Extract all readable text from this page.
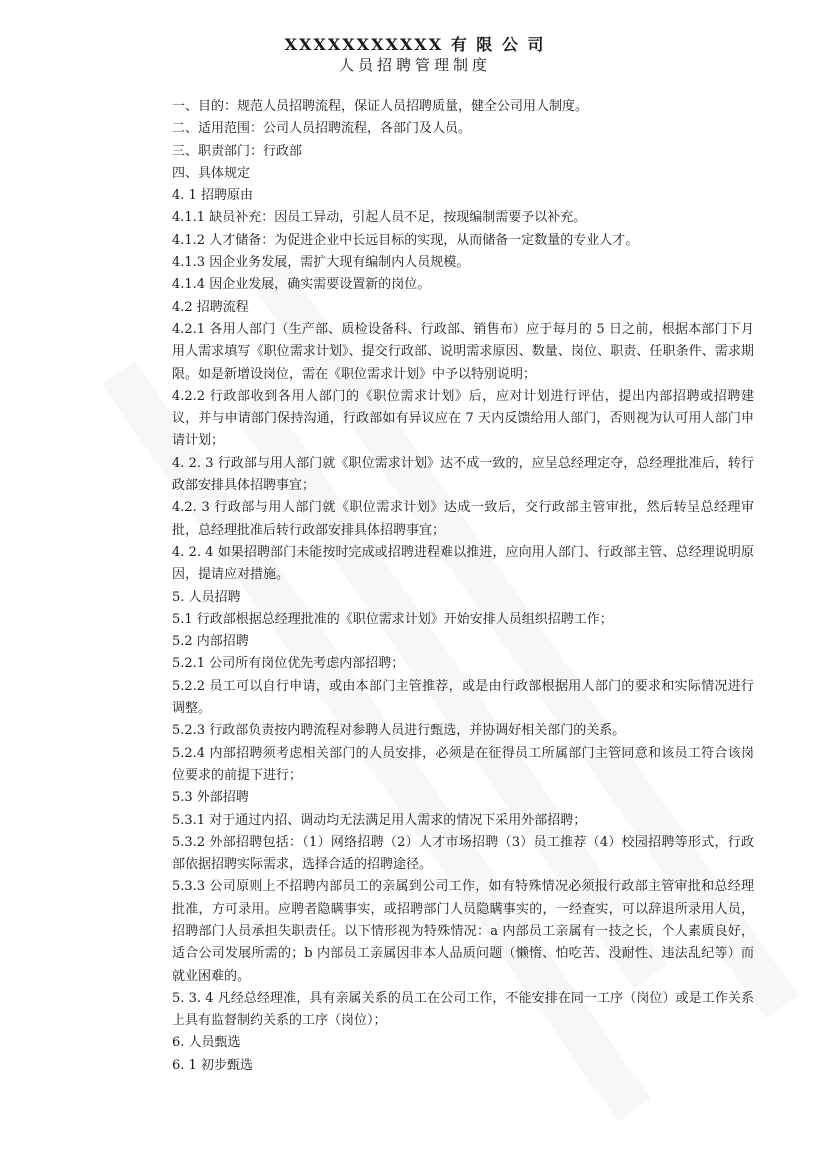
XXXXXXXXXXX 有 限 公 司
人员招聘管理制度

一、目的：规范人员招聘流程，保证人员招聘质量，健全公司用人制度。

二、适用范围：公司人员招聘流程，各部门及人员。

三、职责部门：行政部

四、具体规定

4. 1 招聘原由

4.1.1 缺员补充：因员工异动，引起人员不足，按现编制需要予以补充。

4.1.2 人才储备：为促进企业中长远目标的实现，从而储备一定数量的专业人才。

4.1.3 因企业务发展，需扩大现有编制内人员规模。

4.1.4 因企业发展，确实需要设置新的岗位。

4.2 招聘流程

4.2.1 各用人部门（生产部、质检设备科、行政部、销售布）应于每月的 5 日之前，根据本部门下月用人需求填写《职位需求计划》、提交行政部、说明需求原因、数量、岗位、职责、任职条件、需求期限。如是新增设岗位，需在《职位需求计划》中予以特别说明；

4.2.2 行政部收到各用人部门的《职位需求计划》后，应对计划进行评估，提出内部招聘或招聘建议，并与申请部门保持沟通，行政部如有异议应在 7 天内反馈给用人部门，否则视为认可用人部门申请计划；

4. 2. 3 行政部与用人部门就《职位需求计划》达不成一致的，应呈总经理定夺，总经理批准后，转行政部安排具体招聘事宜；

4.2. 3 行政部与用人部门就《职位需求计划》达成一致后，交行政部主管审批，然后转呈总经理审批，总经理批准后转行政部安排具体招聘事宜；

4. 2. 4 如果招聘部门未能按时完成或招聘进程难以推进，应向用人部门、行政部主管、总经理说明原因，提请应对措施。

5. 人员招聘

5.1 行政部根据总经理批准的《职位需求计划》开始安排人员组织招聘工作；

5.2 内部招聘

5.2.1 公司所有岗位优先考虑内部招聘；

5.2.2 员工可以自行申请，或由本部门主管推荐，或是由行政部根据用人部门的要求和实际情况进行调整。

5.2.3 行政部负责按内聘流程对参聘人员进行甄选，并协调好相关部门的关系。

5.2.4 内部招聘须考虑相关部门的人员安排，必须是在征得员工所属部门主管同意和该员工符合该岗位要求的前提下进行；

5.3 外部招聘

5.3.1 对于通过内招、调动均无法满足用人需求的情况下采用外部招聘；

5.3.2 外部招聘包括：（1）网络招聘（2）人才市场招聘（3）员工推荐（4）校园招聘等形式，行政部依据招聘实际需求，选择合适的招聘途径。

5.3.3 公司原则上不招聘内部员工的亲属到公司工作，如有特殊情况必须报行政部主管审批和总经理批准，方可录用。应聘者隐瞒事实，或招聘部门人员隐瞒事实的，一经查实，可以辞退所录用人员，招聘部门人员承担失职责任。以下情形视为特殊情况：a 内部员工亲属有一技之长，个人素质良好，适合公司发展所需的；b 内部员工亲属因非本人品质问题（懒惰、怕吃苦、没耐性、违法乱纪等）而就业困难的。

5. 3. 4 凡经总经理准，具有亲属关系的员工在公司工作，不能安排在同一工序（岗位）或是工作关系上具有监督制约关系的工序（岗位）；

6. 人员甄选

6. 1 初步甄选
